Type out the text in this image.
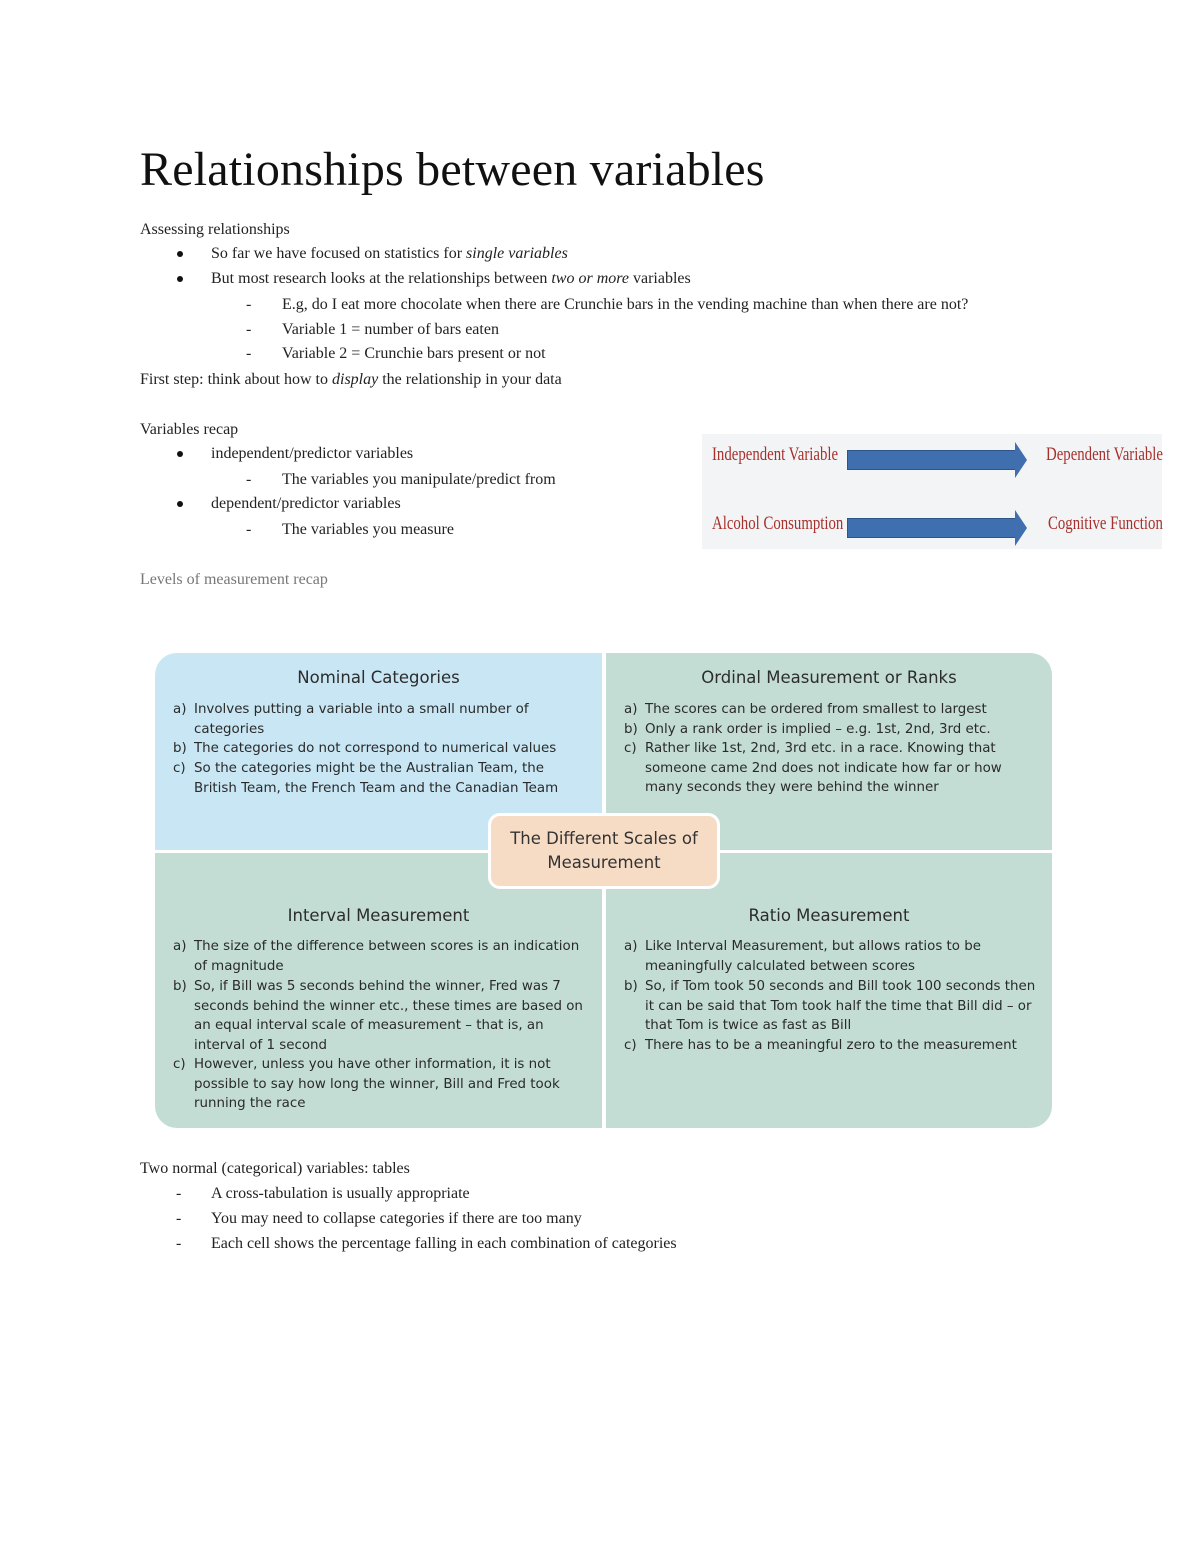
Relationships between variables
Assessing relationships
So far we have focused on statistics for single variables
But most research looks at the relationships between two or more variables
- E.g, do I eat more chocolate when there are Crunchie bars in the vending machine than when there are not?
- Variable 1 = number of bars eaten
- Variable 2 = Crunchie bars present or not
First step: think about how to display the relationship in your data
Variables recap
independent/predictor variables
- The variables you manipulate/predict from
dependent/predictor variables
- The variables you measure
Independent Variable	Dependent Variable
Alcohol Consumption	Cognitive Function
Levels of measurement recap
Nominal Categories
a) Involves putting a variable into a small number of categories
b) The categories do not correspond to numerical values
c) So the categories might be the Australian Team, the British Team, the French Team and the Canadian Team
Ordinal Measurement or Ranks
a) The scores can be ordered from smallest to largest
b) Only a rank order is implied – e.g. 1st, 2nd, 3rd etc.
c) Rather like 1st, 2nd, 3rd etc. in a race. Knowing that someone came 2nd does not indicate how far or how many seconds they were behind the winner
Interval Measurement
a) The size of the difference between scores is an indication of magnitude
b) So, if Bill was 5 seconds behind the winner, Fred was 7 seconds behind the winner etc., these times are based on an equal interval scale of measurement – that is, an interval of 1 second
c) However, unless you have other information, it is not possible to say how long the winner, Bill and Fred took running the race
Ratio Measurement
a) Like Interval Measurement, but allows ratios to be meaningfully calculated between scores
b) So, if Tom took 50 seconds and Bill took 100 seconds then it can be said that Tom took half the time that Bill did – or that Tom is twice as fast as Bill
c) There has to be a meaningful zero to the measurement
The Different Scales of Measurement
Two normal (categorical) variables: tables
- A cross-tabulation is usually appropriate
- You may need to collapse categories if there are too many
- Each cell shows the percentage falling in each combination of categories
